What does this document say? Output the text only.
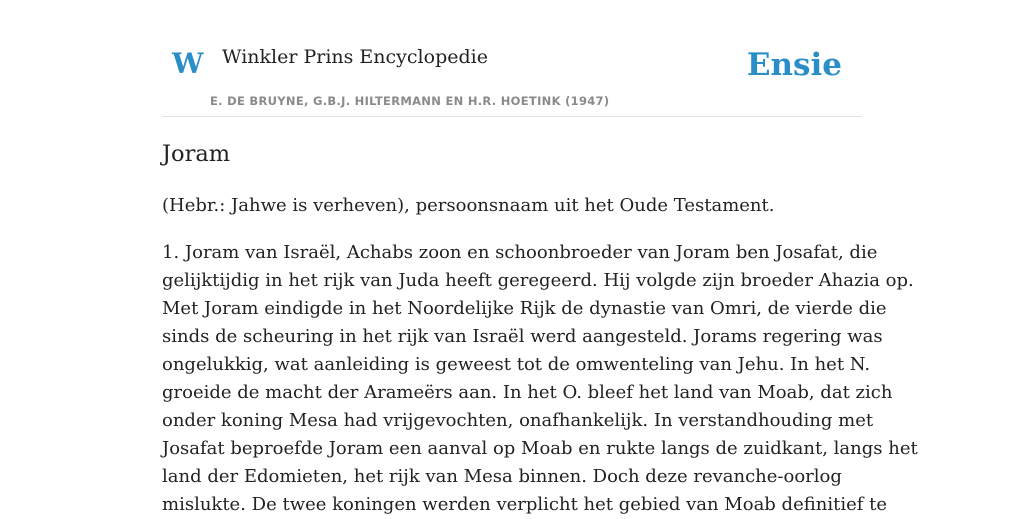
W Winkler Prins Encyclopedie
E. DE BRUYNE, G.B.J. HILTERMANN EN H.R. HOETINK (1947)
Ensie
Joram

(Hebr.: Jahwe is verheven), persoonsnaam uit het Oude Testament.

1. Joram van Israël, Achabs zoon en schoonbroeder van Joram ben Josafat, die
gelijktijdig in het rijk van Juda heeft geregeerd. Hij volgde zijn broeder Ahazia op.
Met Joram eindigde in het Noordelijke Rijk de dynastie van Omri, de vierde die
sinds de scheuring in het rijk van Israël werd aangesteld. Jorams regering was
ongelukkig, wat aanleiding is geweest tot de omwenteling van Jehu. In het N.
groeide de macht der Arameërs aan. In het O. bleef het land van Moab, dat zich
onder koning Mesa had vrijgevochten, onafhankelijk. In verstandhouding met
Josafat beproefde Joram een aanval op Moab en rukte langs de zuidkant, langs het
land der Edomieten, het rijk van Mesa binnen. Doch deze revanche-oorlog
mislukte. De twee koningen werden verplicht het gebied van Moab definitief te
